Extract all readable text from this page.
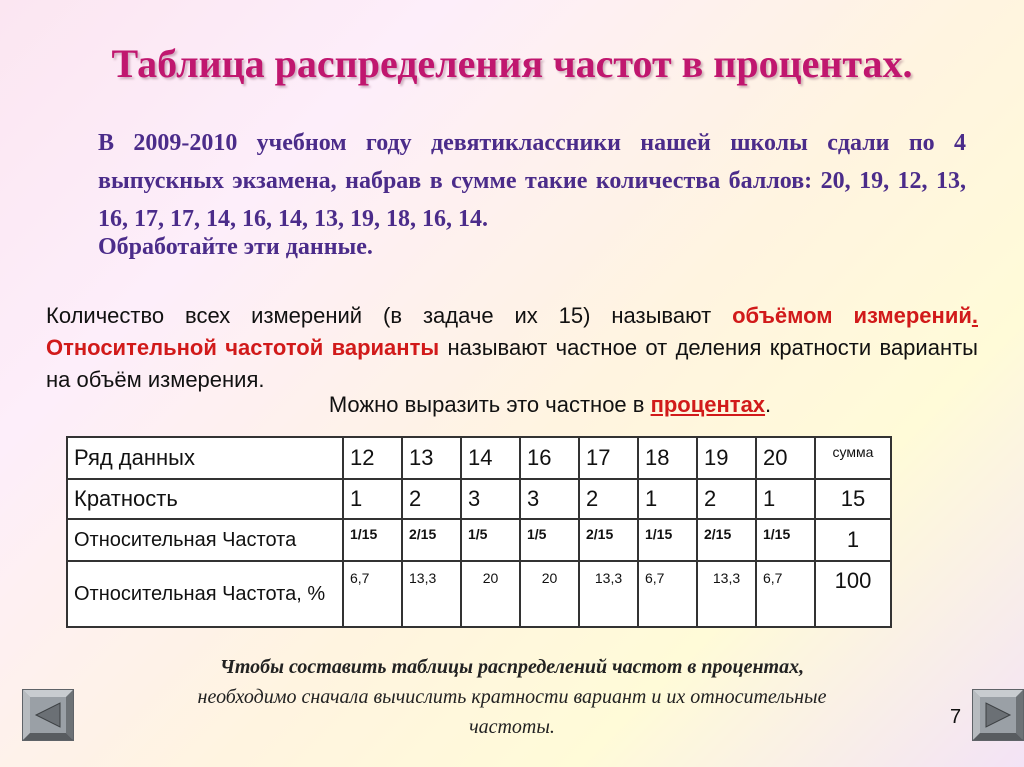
Таблица распределения частот в процентах.
В 2009-2010 учебном году девятиклассники нашей школы сдали по 4 выпускных экзамена, набрав в сумме такие количества баллов: 20, 19, 12, 13, 16, 17, 17, 14, 16, 14, 13, 19, 18, 16, 14.
Обработайте эти данные.
Количество всех измерений (в задаче их 15) называют объёмом измерений. Относительной частотой варианты называют частное от деления кратности варианты на объём измерения.
Можно выразить это частное в процентах.
Ряд данных	12	13	14	16	17	18	19	20	сумма
Кратность	1	2	3	3	2	1	2	1	15
Относительная Частота	1/15	2/15	1/5	1/5	2/15	1/15	2/15	1/15	1
Относительная Частота, %	6,7	13,3	20	20	13,3	6,7	13,3	6,7	100
Чтобы составить таблицы распределений частот в процентах,
необходимо сначала вычислить кратности вариант и их относительные
частоты.	7
